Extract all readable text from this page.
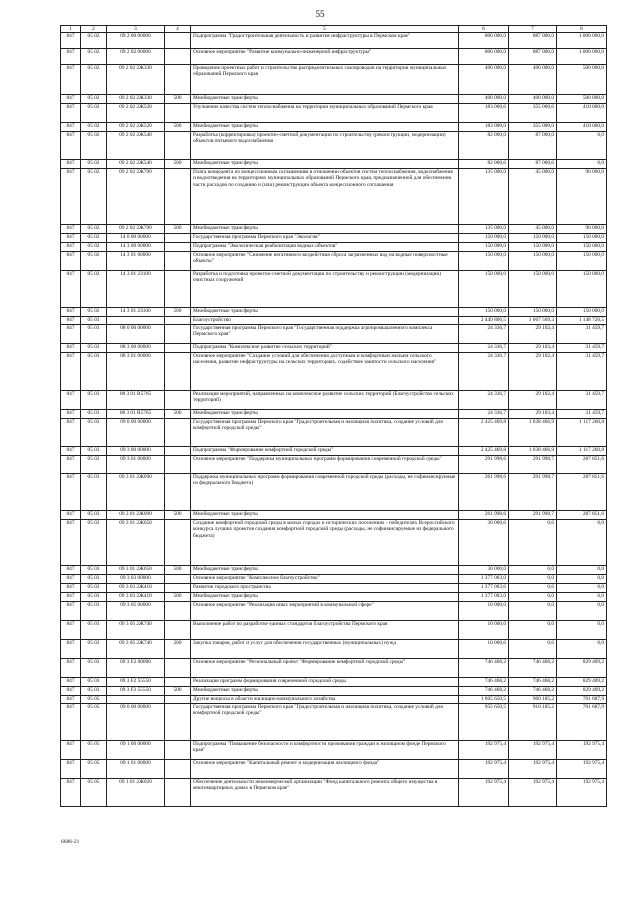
55
1	2	3	4	5	6	7	8
847	05 02	09 2 00 00000		Подпрограмма "Градостроительная деятельность и развитие инфраструктуры в Пермском крае"	800 000,0	887 000,0	1 000 000,0
847	05 02	09 2 02 00000		Основное мероприятие "Развитие коммунально-инженерной инфраструктуры"	800 000,0	887 000,0	1 000 000,0
847	05 02	09 2 02 2Ж330		Проведение проектных работ и строительство распределительных газопроводов на территории муниципальных образований Пермского края	400 000,0	400 000,0	500 000,0
847	05 02	09 2 02 2Ж330	500	Межбюджетные трансферты	400 000,0	400 000,0	500 000,0
847	05 02	09 2 02 2Ж520		Улучшение качества систем теплоснабжения на территории муниципальных образований Пермского края	183 000,0	355 000,0	410 000,0
847	05 02	09 2 02 2Ж520	500	Межбюджетные трансферты	183 000,0	355 000,0	410 000,0
847	05 02	09 2 02 2Ж540		Разработка (корректировка) проектно-сметной документации по строительству (реконструкции, модернизации) объектов питьевого водоснабжения	82 000,0	87 000,0	0,0
847	05 02	09 2 02 2Ж540	500	Межбюджетные трансферты	82 000,0	87 000,0	0,0
847	05 02	09 2 02 2Ж700		Плата концедента по концессионным соглашениям в отношении объектов систем теплоснабжения, водоснабжения и водоотведения на территориях муниципальных образований Пермского края, предназначенной для обеспечения части расходов по созданию и (или) реконструкции объекта концессионного соглашения	135 000,0	45 000,0	90 000,0
847	05 02	09 2 02 2Ж700	500	Межбюджетные трансферты	135 000,0	45 000,0	90 000,0
847	05 02	14 0 00 00000		Государственная программа Пермского края "Экология"	150 000,0	150 000,0	150 000,0
847	05 02	14 3 00 00000		Подпрограмма "Экологическая реабилитация водных объектов"	150 000,0	150 000,0	150 000,0
847	05 02	14 3 01 00000		Основное мероприятие "Снижение негативного воздействия сброса загрязненных вод на водные поверхностные объекты"	150 000,0	150 000,0	150 000,0
847	05 02	14 3 01 2З100		Разработка и подготовка проектно-сметной документации по строительству и реконструкции (модернизации) очистных сооружений	150 000,0	150 000,0	150 000,0
847	05 02	14 3 01 2З100	500	Межбюджетные трансферты	150 000,0	150 000,0	150 000,0
847	05 03			Благоустройство	2 449 806,5	1 067 569,3	1 148 720,5
847	05 03	08 0 00 00000		Государственная программа Пермского края "Государственная поддержка агропромышленного комплекса Пермского края"	24 336,7	29 102,4	31 459,7
847	05 03	08 3 00 00000		Подпрограмма "Комплексное развитие сельских территорий"	24 336,7	29 103,4	31 459,7
847	05 03	08 3 01 00000		Основное мероприятие "Создание условий для обеспечения доступным и комфортным жильем сельского населения, развитие инфраструктуры на сельских территориях, содействие занятости сельского населения"	24 336,7	29 102,4	31 459,7
847	05 03	08 3 01 R5765		Реализация мероприятий, направленных на комплексное развитие сельских территорий (Благоустройство сельских территорий)	24 336,7	29 102,4	31 459,7
847	05 03	08 3 01 R5765	500	Межбюджетные трансферты	24 336,7	29 103,4	31 459,7
847	05 03	09 0 00 00000		Государственная программа Пермского края "Градостроительная и жилищная политика, создание условий для комфортной городской среды"	2 425 469,8	1 038 466,9	1 117 260,8
847	05 03	09 3 00 00000		Подпрограмма "Формирование комфортной городской среды"	2 425 469,8	1 038 466,9	1 117 260,8
847	05 03	09 3 01 00000		Основное мероприятие "Поддержка муниципальных программ формирования современной городской среды"	291 998,6	291 998,7	287 851,6
847	05 03	09 3 01 2Ж090		Поддержка муниципальных программ формирования современной городской среды (расходы, не софинансируемые из федерального бюджета)	261 998,6	291 998,7	287 851,6
847	05 03	09 3 01 2Ж090	500	Межбюджетные трансферты	261 998,6	291 998,7	287 851,6
847	05 03	09 3 01 2Ж650		Создание комфортной городской среды в малых городах и исторических поселениях - победителях Всероссийского конкурса лучших проектов создания комфортной городской среды (расходы, не софинансируемые из федерального бюджета)	30 000,0	0,0	0,0
847	05 03	09 3 01 2Ж650	500	Межбюджетные трансферты	30 000,0	0,0	0,0
847	05 03	09 3 03 00000		Основное мероприятие "Комплексное благоустройство"	1 377 003,0	0,0	0,0
847	05 03	09 3 03 2Ж410		Развитие городского пространства	1 377 003,0	0,0	0,0
847	05 03	09 3 03 2Ж410	500	Межбюджетные трансферты	1 377 003,0	0,0	0,0
847	05 03	09 3 05 00000		Основное мероприятие "Реализация иных мероприятий в коммунальной сфере"	10 000,0	0,0	0,0
847	05 03	09 3 05 2Ж740		Выполнение работ по разработке единых стандартов благоустройства Пермского края	10 000,0	0,0	0,0
847	05 03	09 3 05 2Ж740	200	Закупка товаров, работ и услуг для обеспечения государственных (муниципальных) нужд	10 000,0	0,0	0,0
847	05 03	09 3 F2 00000		Основное мероприятие "Региональный проект "Формирование комфортной городской среды"	746 468,2	746 468,2	829 409,2
847	05 03	09 3 F2 55550		Реализация программ формирования современной городской среды	746 468,2	746 468,2	829 409,2
847	05 03	09 3 F2 55550	500	Межбюджетные трансферты	746 468,2	746 468,2	829 409,2
847	05 05			Другие вопросы в области жилищно-коммунального хозяйства	1 005 650,5	960 185,2	701 687,9
847	05 05	09 0 00 00000		Государственная программа Пермского края "Градостроительная и жилищная политика, создание условий для комфортной городской среды"	955 650,5	910 185,2	701 687,9
847	05 05	09 1 00 00000		Подпрограмма "Повышение безопасности и комфортности проживания граждан в жилищном фонде Пермского края"	192 975,4	192 975,4	192 975,4
847	05 05	09 1 01 00000		Основное мероприятие "Капитальный ремонт и модернизация жилищного фонда"	192 975,4	192 975,4	192 975,4
847	05 05	09 1 01 2Ж020		Обеспечение деятельности некоммерческой организации "Фонд капитального ремонта общего имущества в многоквартирных домах в Пермском крае"	192 975,4	192 975,4	192 975,4
6686-21
